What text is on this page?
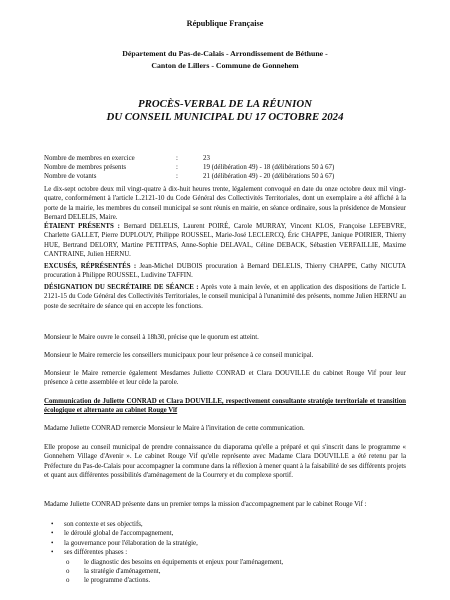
République Française
Département du Pas-de-Calais - Arrondissement de Béthune -
Canton de Lillers - Commune de Gonnehem
PROCÈS-VERBAL DE LA RÉUNION
DU CONSEIL MUNICIPAL DU 17 OCTOBRE 2024
Nombre de membres en exercice	:	23
Nombre de membres présents	:	19 (délibération 49) - 18 (délibérations 50 à 67)
Nombre de votants	:	21 (délibération 49) - 20 (délibérations 50 à 67)

Le dix-sept octobre deux mil vingt-quatre à dix-huit heures trente, légalement convoqué en date du onze octobre deux mil vingt-quatre, conformément à l'article L.2121-10 du Code Général des Collectivités Territoriales, dont un exemplaire a été affiché à la porte de la mairie, les membres du conseil municipal se sont réunis en mairie, en séance ordinaire, sous la présidence de Monsieur Bernard DELELIS, Maire.

ÉTAIENT PRÉSENTS : Bernard DELELIS, Laurent POIRÉ, Carole MURRAY, Vincent KLOS, Françoise LEFEBVRE, Charlette GALLET, Pierre DUPLOUY, Philippe ROUSSEL, Marie-José LECLERCQ, Éric CHAPPE, Janique POIRIER, Thierry HUE, Bertrand DELORY, Martine PETITPAS, Anne-Sophie DELAVAL, Céline DEBACK, Sébastien VERFAILLIE, Maxime CANTRAINE, Julien HERNU.

EXCUSÉS, RÉPRÉSENTÉS : Jean-Michel DUBOIS procuration à Bernard DELELIS, Thierry CHAPPE, Cathy NICUTA procuration à Philippe ROUSSEL, Ludivine TAFFIN.

DÉSIGNATION DU SECRÉTAIRE DE SÉANCE : Après vote à main levée, et en application des dispositions de l'article L 2121-15 du Code Général des Collectivités Territoriales, le conseil municipal à l'unanimité des présents, nomme Julien HERNU au poste de secrétaire de séance qui en accepte les fonctions.

Monsieur le Maire ouvre le conseil à 18h30, précise que le quorum est atteint.

Monsieur le Maire remercie les conseillers municipaux pour leur présence à ce conseil municipal.

Monsieur le Maire remercie également Mesdames Juliette CONRAD et Clara DOUVILLE du cabinet Rouge Vif pour leur présence à cette assemblée et leur cède la parole.

Communication de Juliette CONRAD et Clara DOUVILLE, respectivement consultante stratégie territoriale et transition écologique et alternante au cabinet Rouge Vif

Madame Juliette CONRAD remercie Monsieur le Maire à l'invitation de cette communication.

Elle propose au conseil municipal de prendre connaissance du diaporama qu'elle a préparé et qui s'inscrit dans le programme « Gonnehem Village d'Avenir ». Le cabinet Rouge Vif qu'elle représente avec Madame Clara DOUVILLE a été retenu par la Préfecture du Pas-de-Calais pour accompagner la commune dans la réflexion à mener quant à la faisabilité de ses différents projets et quant aux différentes possibilités d'aménagement de la Courrery et du complexe sportif.

Madame Juliette CONRAD présente dans un premier temps la mission d'accompagnement par le cabinet Rouge Vif :

• son contexte et ses objectifs,
• le déroulé global de l'accompagnement,
• la gouvernance pour l'élaboration de la stratégie,
• ses différentes phases :
o le diagnostic des besoins en équipements et enjeux pour l'aménagement,
o la stratégie d'aménagement,
o le programme d'actions.
